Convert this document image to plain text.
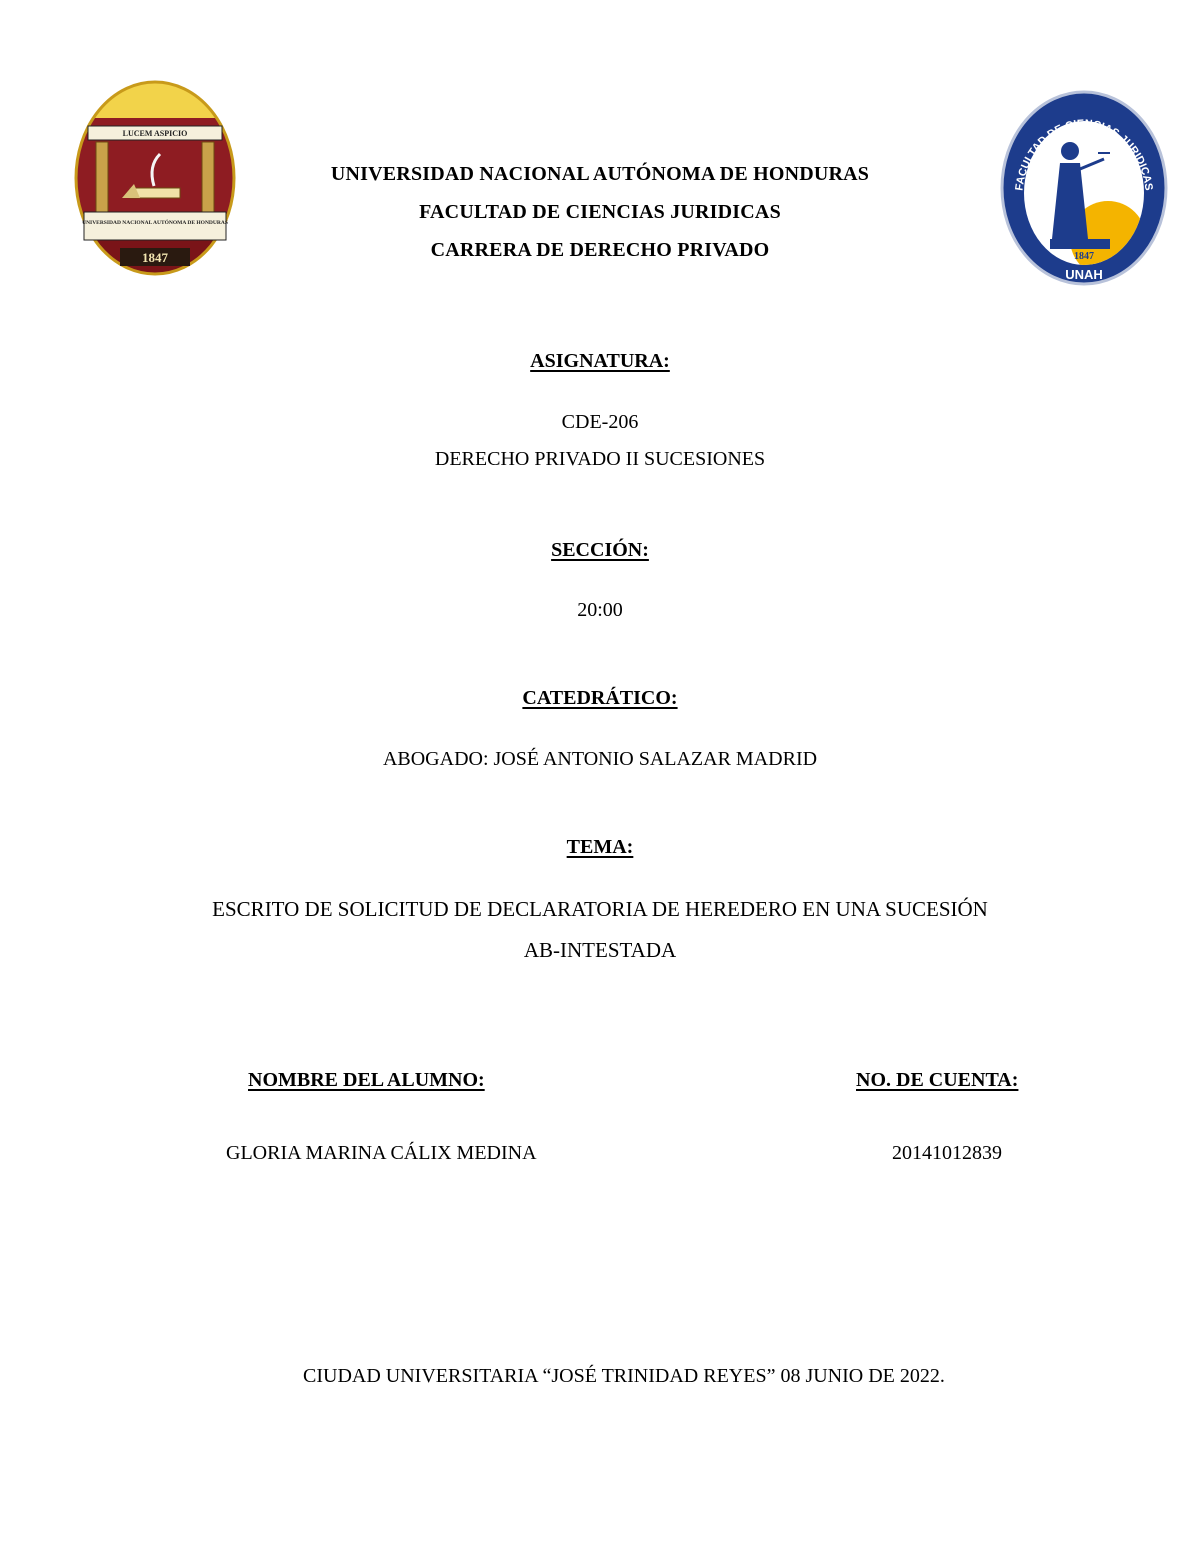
LUCEM ASPICIO
UNIVERSIDAD NACIONAL AUTÓNOMA DE HONDURAS
1847
FACULTAD DE CIENCIAS JURIDICAS
1847
UNAH
UNIVERSIDAD NACIONAL AUTÓNOMA DE HONDURAS
FACULTAD DE CIENCIAS JURIDICAS
CARRERA DE DERECHO PRIVADO
ASIGNATURA:
CDE-206
DERECHO PRIVADO II SUCESIONES
SECCIÓN:
20:00
CATEDRÁTICO:
ABOGADO: JOSÉ ANTONIO SALAZAR MADRID
TEMA:
ESCRITO DE SOLICITUD DE DECLARATORIA DE HEREDERO EN UNA SUCESIÓN
AB-INTESTADA
NOMBRE DEL ALUMNO:	NO. DE CUENTA:
GLORIA MARINA CÁLIX MEDINA	20141012839
CIUDAD UNIVERSITARIA “JOSÉ TRINIDAD REYES” 08 JUNIO DE 2022.
